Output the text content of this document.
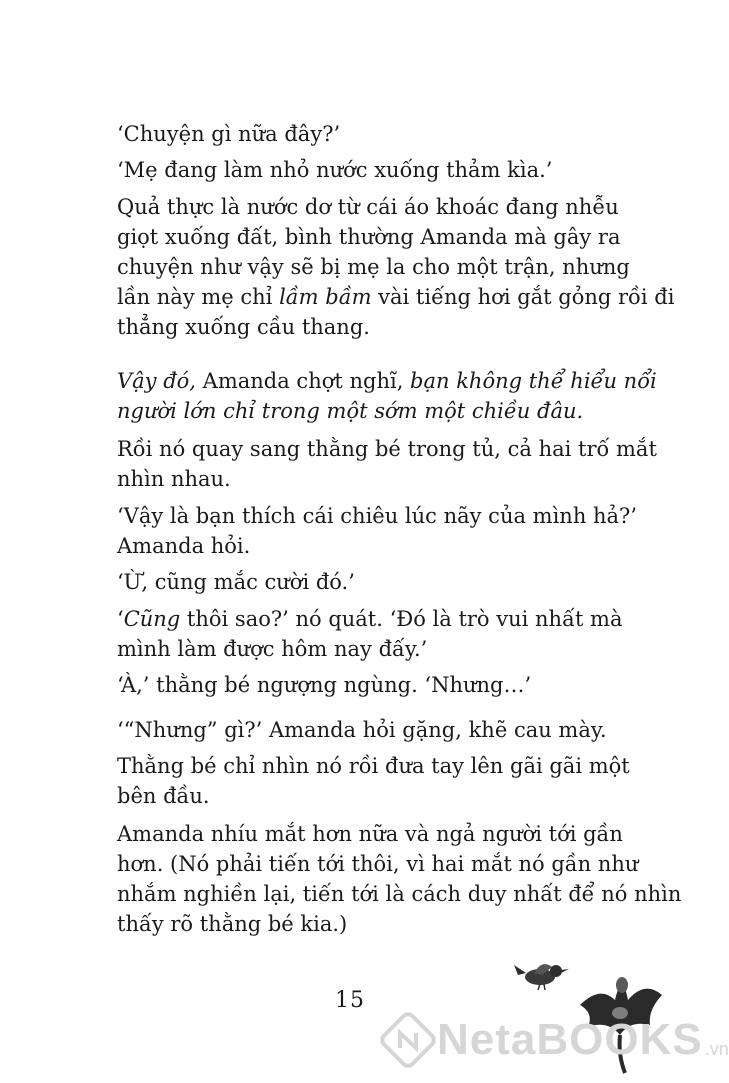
‘Chuyện gì nữa đây?’
‘Mẹ đang làm nhỏ nước xuống thảm kìa.’
Quả thực là nước dơ từ cái áo khoác đang nhễu
giọt xuống đất, bình thường Amanda mà gây ra
chuyện như vậy sẽ bị mẹ la cho một trận, nhưng
lần này mẹ chỉ lầm bầm vài tiếng hơi gắt gỏng rồi đi
thẳng xuống cầu thang.
Vậy đó, Amanda chợt nghĩ, bạn không thể hiểu nổi
người lớn chỉ trong một sớm một chiều đâu.
Rồi nó quay sang thằng bé trong tủ, cả hai trố mắt
nhìn nhau.
‘Vậy là bạn thích cái chiêu lúc nãy của mình hả?’
Amanda hỏi.
‘Ừ, cũng mắc cười đó.’
‘Cũng thôi sao?’ nó quát. ‘Đó là trò vui nhất mà
mình làm được hôm nay đấy.’
‘À,’ thằng bé ngượng ngùng. ‘Nhưng…’
‘“Nhưng” gì?’ Amanda hỏi gặng, khẽ cau mày.
Thằng bé chỉ nhìn nó rồi đưa tay lên gãi gãi một
bên đầu.
Amanda nhíu mắt hơn nữa và ngả người tới gần
hơn. (Nó phải tiến tới thôi, vì hai mắt nó gần như
nhắm nghiền lại, tiến tới là cách duy nhất để nó nhìn
thấy rõ thằng bé kia.)
15
NetaBOOKS .vn
